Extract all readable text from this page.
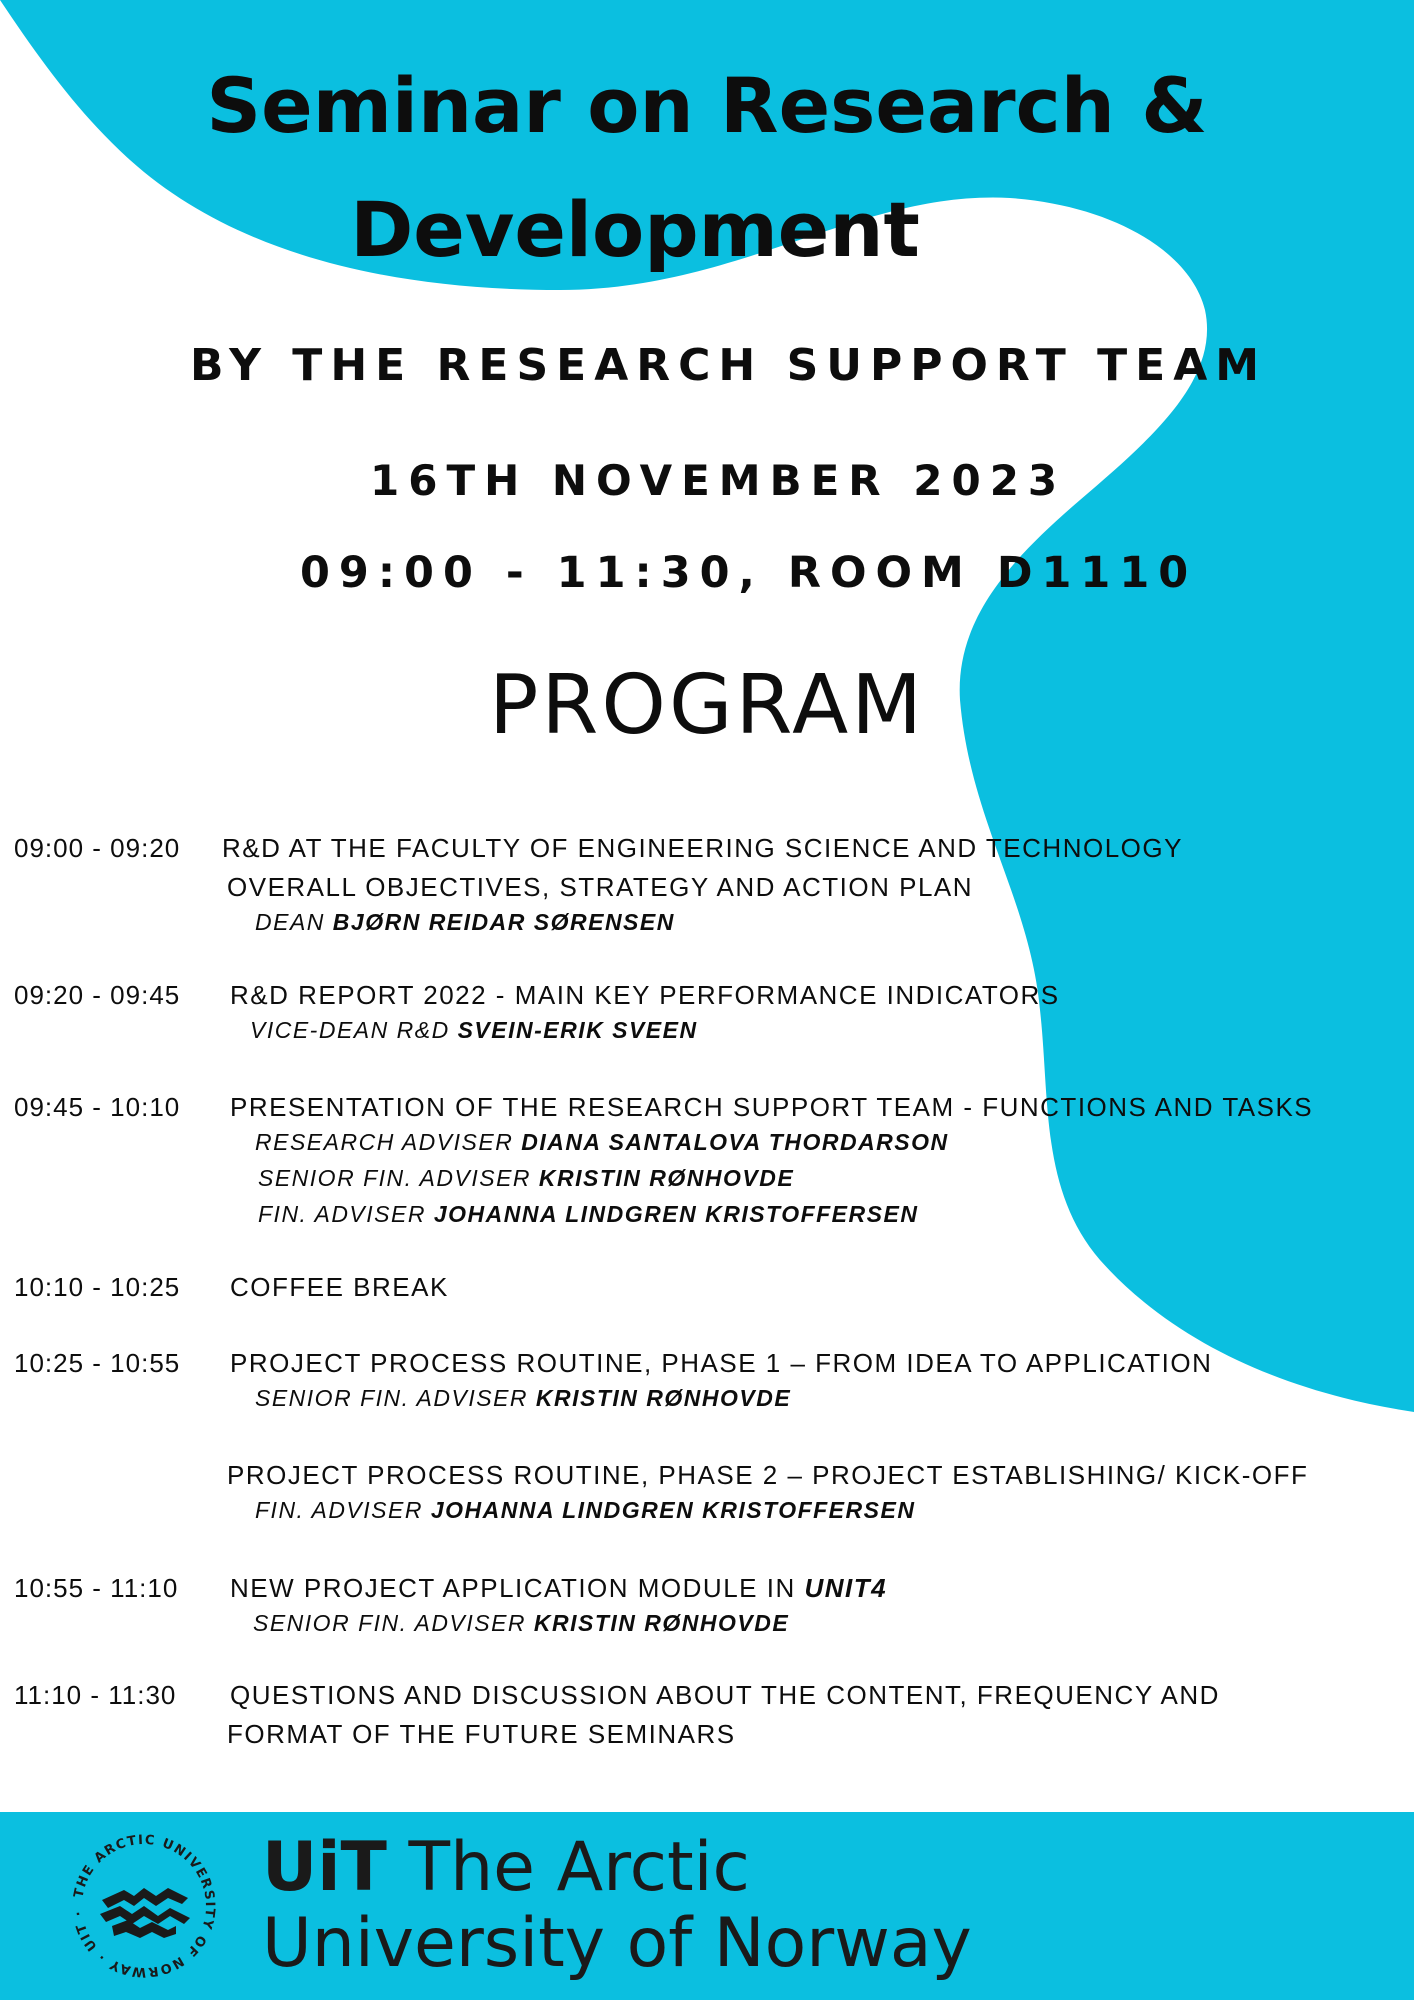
Seminar on Research &
Development
BY THE RESEARCH SUPPORT TEAM
16TH NOVEMBER 2023
09:00 - 11:30, ROOM D1110
PROGRAM
09:00 - 09:20 R&D AT THE FACULTY OF ENGINEERING SCIENCE AND TECHNOLOGY
OVERALL OBJECTIVES, STRATEGY AND ACTION PLAN
DEAN BJØRN REIDAR SØRENSEN
09:20 - 09:45 R&D REPORT 2022 - MAIN KEY PERFORMANCE INDICATORS
VICE-DEAN R&D SVEIN-ERIK SVEEN
09:45 - 10:10 PRESENTATION OF THE RESEARCH SUPPORT TEAM - FUNCTIONS AND TASKS
RESEARCH ADVISER DIANA SANTALOVA THORDARSON
SENIOR FIN. ADVISER KRISTIN RØNHOVDE
FIN. ADVISER JOHANNA LINDGREN KRISTOFFERSEN
10:10 - 10:25 COFFEE BREAK
10:25 - 10:55 PROJECT PROCESS ROUTINE, PHASE 1 – FROM IDEA TO APPLICATION
SENIOR FIN. ADVISER KRISTIN RØNHOVDE
PROJECT PROCESS ROUTINE, PHASE 2 – PROJECT ESTABLISHING/ KICK-OFF
FIN. ADVISER JOHANNA LINDGREN KRISTOFFERSEN
10:55 - 11:10 NEW PROJECT APPLICATION MODULE IN UNIT4
SENIOR FIN. ADVISER KRISTIN RØNHOVDE
11:10 - 11:30 QUESTIONS AND DISCUSSION ABOUT THE CONTENT, FREQUENCY AND
FORMAT OF THE FUTURE SEMINARS
THE ARCTIC UNIVERSITY OF NORWAY · UIT ·
UiT The Arctic
University of Norway
